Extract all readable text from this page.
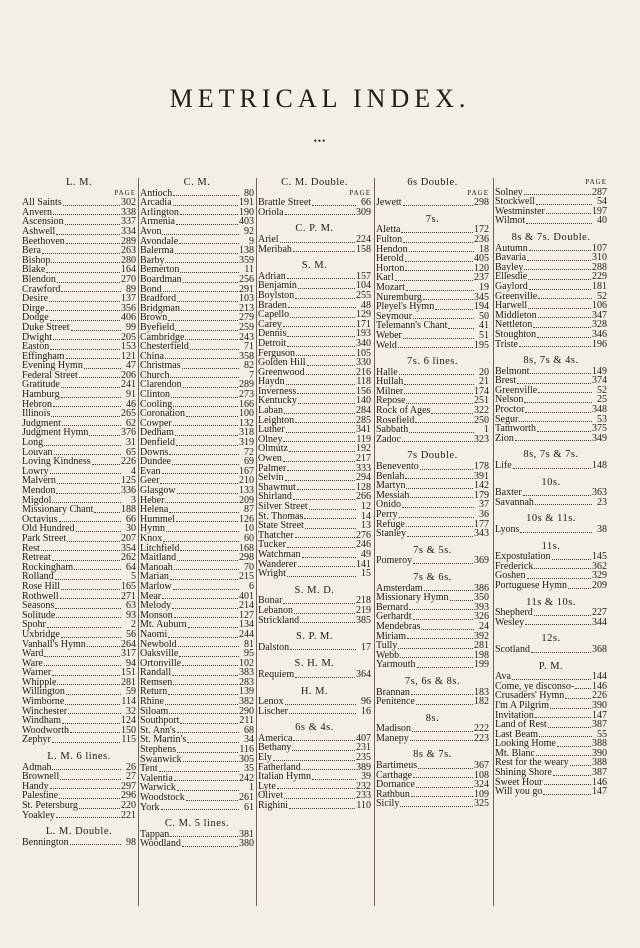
METRICAL INDEX.
•••
L. M.
PAGE
All Saints	302
Anvern	338
Ascension	337
Ashwell	334
Beethoven	289
Bera	263
Bishop	280
Blake	164
Blendon	270
Crawford	89
Desire	137
Dirge	356
Dodge	406
Duke Street	99
Dwight	205
Easton	153
Effingham	121
Evening Hymn	47
Federal Street	206
Gratitude	241
Hamburg	91
Hebron	46
Illinois	265
Judgment	62
Judgment Hymn	376
Long	31
Louvan	65
Loving Kindness	226
Lowry	4
Malvern	125
Mendon	336
Migdol	3
Missionary Chant	188
Octavius	66
Old Hundred	30
Park Street	207
Rest	354
Retreat	262
Rockingham	64
Rolland	5
Rose Hill	165
Rothwell	271
Seasons	63
Solitude	93
Spohr	2
Uxbridge	56
Vanhall's Hymn	264
Ward	317
Ware	94
Warner	151
Whipple	281
Willington	59
Wimborne	114
Winchester	32
Windham	124
Woodworth	150
Zephyr	115
L. M. 6 lines.
Admah	26
Brownell	27
Handy	297
Palestine	296
St. Petersburg	220
Yoakley	221
L. M. Double.
Bennington	98
C. M.
Antioch	80
Arcadia	191
Arlington	190
Armenia	403
Avon	92
Avondale	9
Balerma	138
Barby	359
Bemerton	11
Boardman	256
Bond	291
Bradford	103
Bridgman	213
Brown	279
Byefield	259
Cambridge	243
Chesterfield	71
China	358
Christmas	82
Church	7
Clarendon	289
Clinton	273
Cooling	166
Coronation	100
Cowper	132
Dedham	318
Denfield	319
Downs	72
Dundee	69
Evan	167
Geer	210
Glasgow	133
Heber	209
Helena	87
Hummel	126
Hymn	10
Knox	60
Litchfield	168
Maitland	298
Manoah	70
Marian	215
Marlow	6
Mear	401
Melody	214
Monson	127
Mt. Auburn	134
Naomi	244
Newbold	81
Oaksville	95
Ortonville	102
Randall	383
Remsen	283
Return	139
Rhine	382
Siloam	290
Southport	211
St. Ann's	68
St. Martin's	34
Stephens	116
Swanwick	305
Tent	35
Valentia	242
Warwick	1
Woodstock	261
York	61
C. M. 5 lines.
Tappan	381
Woodland	380
C. M. Double.
PAGE
Brattle Street	66
Oriola	309
C. P. M.
Ariel	224
Meribah	158
S. M.
Adrian	157
Benjamin	104
Boylston	255
Braden	48
Capello	129
Carey	171
Dennis	193
Detroit	340
Ferguson	105
Golden Hill	330
Greenwood	216
Haydn	118
Inverness	156
Kentucky	140
Laban	284
Leighton	285
Luther	341
Olney	119
Olmutz	192
Owen	217
Palmer	333
Selvin	294
Shawmut	128
Shirland	266
Silver Street	12
St. Thomas	14
State Street	13
Thatcher	276
Tucker	246
Watchman	49
Wanderer	141
Wright	15
S. M. D.
Bonar	218
Lebanon	219
Strickland	385
S. P. M.
Dalston	17
S. H. M.
Requiem	364
H. M.
Lenox	96
Lischer	16
6s & 4s.
America	407
Bethany	231
Ely	235
Fatherland	389
Italian Hymn	39
Lyte	232
Olivet	233
Righini	110
6s Double.
PAGE
Jewett	298
7s.
Aletta	172
Fulton	236
Hendon	18
Herold	405
Horton	120
Karl	237
Mozart	19
Nuremburg	345
Pleyel's Hymn	194
Seymour	50
Telemann's Chant	41
Weber	51
Weld	195
7s. 6 lines.
Halle	20
Hullah	21
Milner	174
Repose	251
Rock of Ages	322
Rosefield	250
Sabbath	1
Zadoc	323
7s Double.
Benevento	178
Benlah	391
Martyn	142
Messiah	179
Onido	37
Perry	36
Refuge	177
Stanley	343
7s & 5s.
Pomeroy	369
7s & 6s.
Amsterdam	386
Missionary Hymn	350
Bernard	393
Gerhardt	326
Mendebras	24
Miriam	392
Tully	281
Webb	198
Yarmouth	199
7s, 6s & 8s.
Brannan	183
Penitence	182
8s.
Madison	222
Manepy	223
8s & 7s.
Bartimeus	367
Carthage	108
Dornance	324
Rathbun	109
Sicily	325
PAGE
Solney	287
Stockwell	54
Westminster	197
Wilmot	40
8s & 7s. Double.
Autumn	107
Bavaria	310
Bayley	288
Ellesdie	229
Gaylord	181
Greenville	52
Harwell	106
Middleton	347
Nettleton	328
Stoughton	346
Triste	196
8s, 7s & 4s.
Belmont	149
Brest	374
Greenville	52
Nelson	25
Proctor	348
Segur	53
Tamworth	375
Zion	349
8s, 7s & 7s.
Life	148
10s.
Baxter	363
Savannah	23
10s & 11s.
Lyons	38
11s.
Expostulation	145
Frederick	362
Goshen	329
Portuguese Hymn	209
11s & 10s.
Shepherd	227
Wesley	344
12s.
Scotland	368
P. M.
Ava	144
Come, ye disconso- 146
Crusaders' Hymn	226
I'm A Pilgrim	390
Invitation	147
Land of Rest	387
Last Beam	55
Looking Home	388
Mt. Blanc	390
Rest for the weary 388
Shining Shore	387
Sweet Hour	146
Will you go	147
